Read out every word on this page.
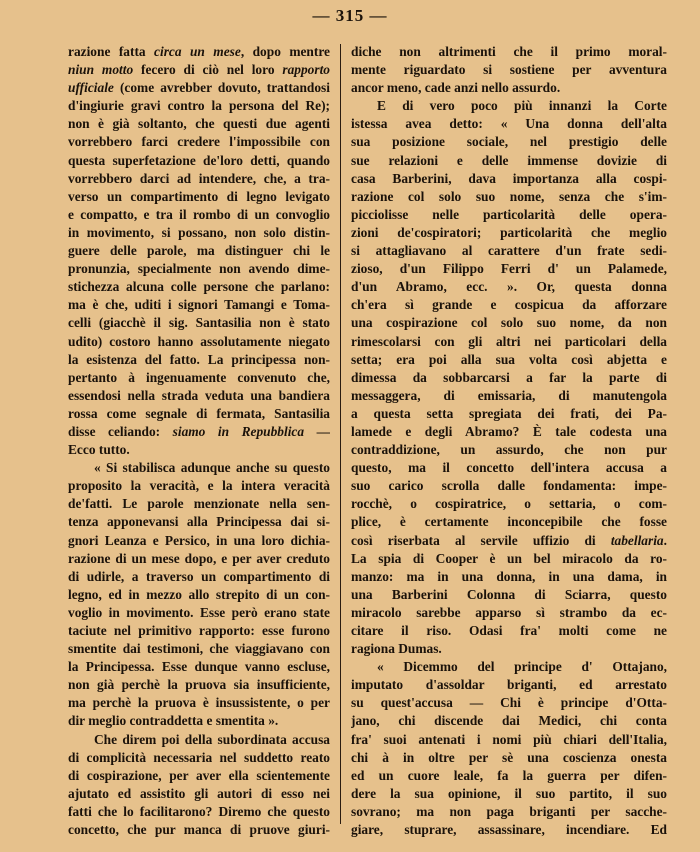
— 315 —
razione fatta circa un mese, dopo mentre
niun motto fecero di ciò nel loro rapporto
ufficiale (come avrebber dovuto, trattandosi
d'ingiurie gravi contro la persona del Re);
non è già soltanto, che questi due agenti
vorrebbero farci credere l'impossibile con
questa superfetazione de'loro detti, quando
vorrebbero darci ad intendere, che, a tra-
verso un compartimento di legno levigato
e compatto, e tra il rombo di un convoglio
in movimento, si possano, non solo distin-
guere delle parole, ma distinguer chi le
pronunzia, specialmente non avendo dime-
stichezza alcuna colle persone che parlano:
ma è che, uditi i signori Tamangi e Toma-
celli (giacchè il sig. Santasilia non è stato
udito) costoro hanno assolutamente niegato
la esistenza del fatto. La principessa non-
pertanto à ingenuamente convenuto che,
essendosi nella strada veduta una bandiera
rossa come segnale di fermata, Santasilia
disse celiando: siamo in Repubblica —
Ecco tutto.
« Si stabilisca adunque anche su questo
proposito la veracità, e la intera veracità
de'fatti. Le parole menzionate nella sen-
tenza apponevansi alla Principessa dai si-
gnori Leanza e Persico, in una loro dichia-
razione di un mese dopo, e per aver creduto
di udirle, a traverso un compartimento di
legno, ed in mezzo allo strepito di un con-
voglio in movimento. Esse però erano state
taciute nel primitivo rapporto: esse furono
smentite dai testimoni, che viaggiavano con
la Principessa. Esse dunque vanno escluse,
non già perchè la pruova sia insufficiente,
ma perchè la pruova è insussistente, o per
dir meglio contraddetta e smentita ».
Che direm poi della subordinata accusa
di complicità necessaria nel suddetto reato
di cospirazione, per aver ella scientemente
ajutato ed assistito gli autori di esso nei
fatti che lo facilitarono? Diremo che questo
concetto, che pur manca di pruove giuri-
diche non altrimenti che il primo moral-
mente riguardato si sostiene per avventura
ancor meno, cade anzi nello assurdo.
E di vero poco più innanzi la Corte
istessa avea detto: « Una donna dell'alta
sua posizione sociale, nel prestigio delle
sue relazioni e delle immense dovizie di
casa Barberini, dava importanza alla cospi-
razione col solo suo nome, senza che s'im-
picciolisse nelle particolarità delle opera-
zioni de'cospiratori; particolarità che meglio
si attagliavano al carattere d'un frate sedi-
zioso, d'un Filippo Ferri d' un Palamede,
d'un Abramo, ecc. ». Or, questa donna
ch'era sì grande e cospicua da afforzare
una cospirazione col solo suo nome, da non
rimescolarsi con gli altri nei particolari della
setta; era poi alla sua volta così abjetta e
dimessa da sobbarcarsi a far la parte di
messaggera, di emissaria, di manutengola
a questa setta spregiata dei frati, dei Pa-
lamede e degli Abramo? È tale codesta una
contraddizione, un assurdo, che non pur
questo, ma il concetto dell'intera accusa a
suo carico scrolla dalle fondamenta: impe-
rocchè, o cospiratrice, o settaria, o com-
plice, è certamente inconcepibile che fosse
così riserbata al servile uffizio di tabellaria.
La spia di Cooper è un bel miracolo da ro-
manzo: ma in una donna, in una dama, in
una Barberini Colonna di Sciarra, questo
miracolo sarebbe apparso sì strambo da ec-
citare il riso. Odasi fra' molti come ne
ragiona Dumas.
« Dicemmo del principe d' Ottajano,
imputato d'assoldar briganti, ed arrestato
su quest'accusa — Chi è principe d'Otta-
jano, chi discende dai Medici, chi conta
fra' suoi antenati i nomi più chiari dell'Italia,
chi à in oltre per sè una coscienza onesta
ed un cuore leale, fa la guerra per difen-
dere la sua opinione, il suo partito, il suo
sovrano; ma non paga briganti per sacche-
giare, stuprare, assassinare, incendiare. Ed
